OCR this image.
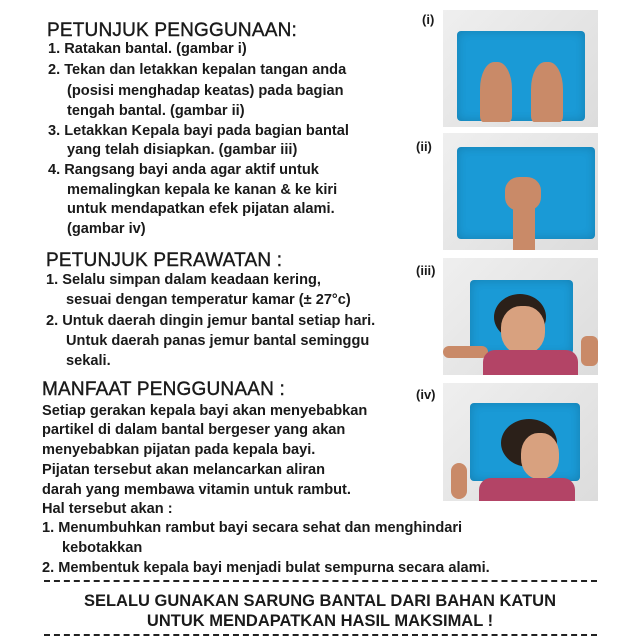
PETUNJUK PENGGUNAAN:
1. Ratakan bantal. (gambar i)
2. Tekan dan letakkan kepalan tangan anda
(posisi menghadap keatas) pada bagian
tengah bantal. (gambar ii)
3. Letakkan Kepala bayi pada bagian bantal
yang telah disiapkan. (gambar iii)
4. Rangsang bayi anda agar aktif untuk
memalingkan kepala ke kanan & ke kiri
untuk mendapatkan efek pijatan alami.
(gambar iv)
PETUNJUK PERAWATAN :
1. Selalu simpan dalam keadaan kering,
sesuai dengan temperatur kamar (± 27°c)
2. Untuk daerah dingin jemur bantal setiap hari.
Untuk daerah panas jemur bantal seminggu
sekali.
MANFAAT PENGGUNAAN :
Setiap gerakan kepala bayi akan menyebabkan
partikel di dalam bantal bergeser yang akan
menyebabkan pijatan pada kepala bayi.
Pijatan tersebut akan melancarkan aliran
darah yang membawa vitamin untuk rambut.
Hal tersebut akan :
1. Menumbuhkan rambut bayi secara sehat dan menghindari
kebotakkan
2. Membentuk kepala bayi menjadi bulat sempurna secara alami.
SELALU GUNAKAN SARUNG BANTAL DARI BAHAN KATUN
UNTUK MENDAPATKAN HASIL MAKSIMAL !
(i)
(ii)
(iii)
(iv)
